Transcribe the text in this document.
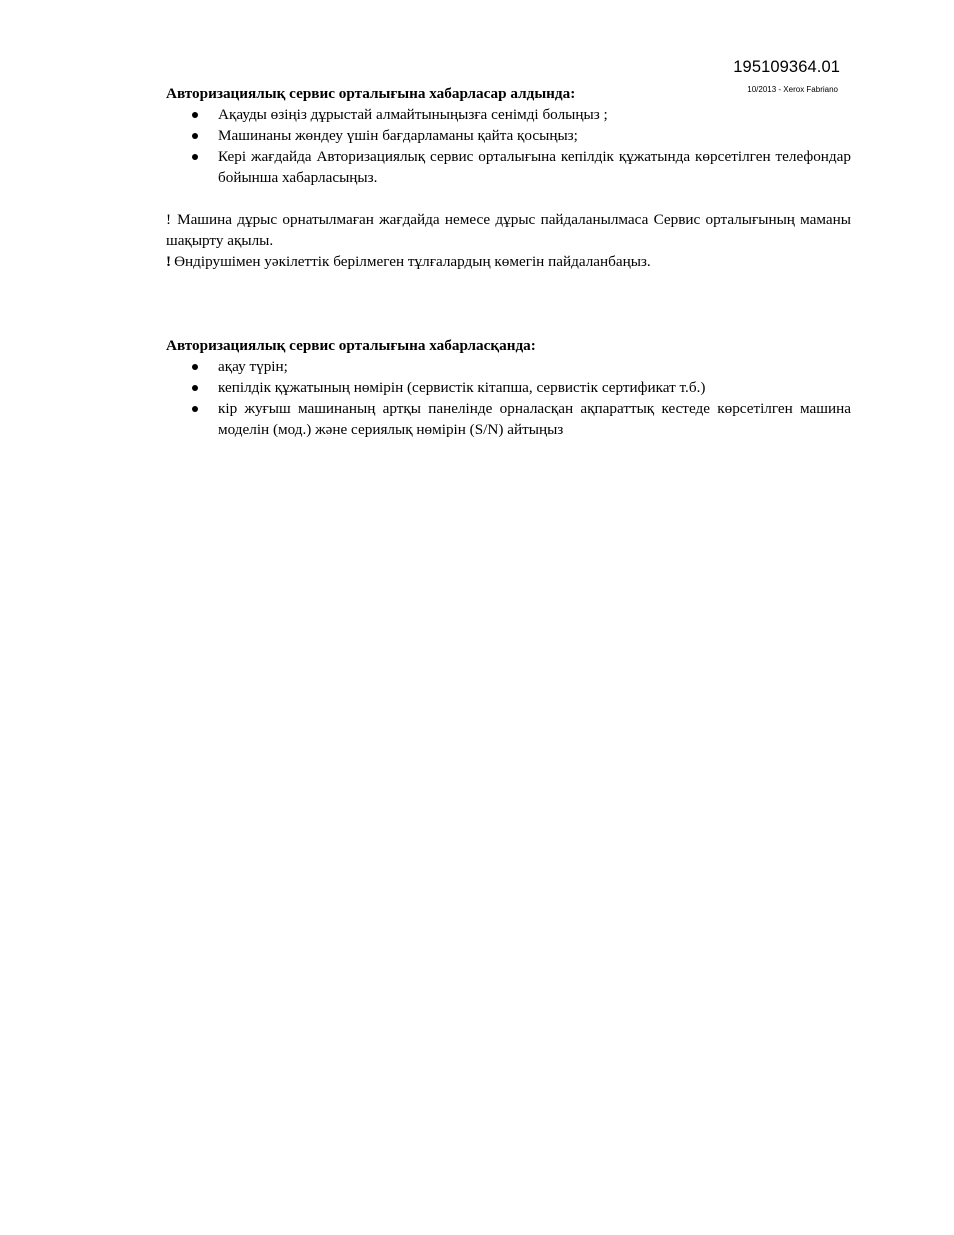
195109364.01
10/2013 - Xerox Fabriano

Авторизациялық сервис орталығына хабарласар алдында:

Ақауды өзіңіз дұрыстай алмайтыныңызға сенімді болыңыз ;
Машинаны жөндеу үшін бағдарламаны қайта қосыңыз;
Кері жағдайда Авторизациялық сервис орталығына кепілдік құжатында көрсетілген телефондар бойынша хабарласыңыз.

! Машина дұрыс орнатылмаған жағдайда немесе дұрыс пайдаланылмаса Сервис орталығының маманы шақырту ақылы.

! Өндірушімен уәкілеттік берілмеген тұлғалардың көмегін пайдаланбаңыз.

Авторизациялық сервис орталығына хабарласқанда:

ақау түрін;
кепілдік құжатының нөмірін (сервистік кітапша, сервистік сертификат т.б.)
кір жуғыш машинаның артқы панелінде орналасқан ақпараттық кестеде көрсетілген машина моделін (мод.) және сериялық нөмірін (S/N) айтыңыз
